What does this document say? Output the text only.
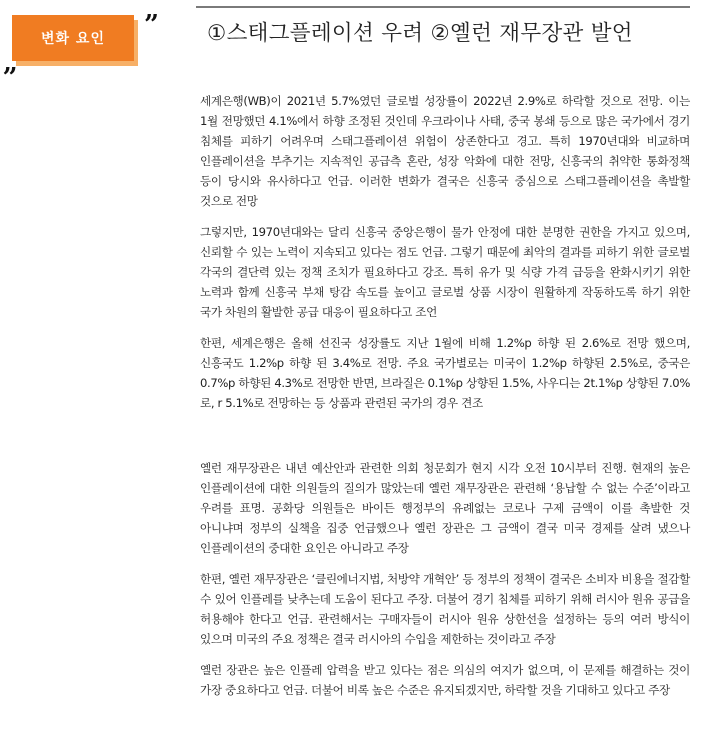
변화 요인
„
” ①스태그플레이션 우려 ②옐런 재무장관 발언

세계은행(WB)이 2021년 5.7%였던 글로벌 성장률이 2022년 2.9%로 하락할 것으로 전망. 이는 1월 전망했던 4.1%에서 하향 조정된 것인데 우크라이나 사태, 중국 봉쇄 등으로 많은 국가에서 경기 침체를 피하기 어려우며 스태그플레이션 위험이 상존한다고 경고. 특히 1970년대와 비교하며 인플레이션을 부추기는 지속적인 공급측 혼란, 성장 악화에 대한 전망, 신흥국의 취약한 통화정책 등이 당시와 유사하다고 언급. 이러한 변화가 결국은 신흥국 중심으로 스태그플레이션을 촉발할 것으로 전망

그렇지만, 1970년대와는 달리 신흥국 중앙은행이 물가 안정에 대한 분명한 권한을 가지고 있으며, 신뢰할 수 있는 노력이 지속되고 있다는 점도 언급. 그렇기 때문에 최악의 결과를 피하기 위한 글로벌 각국의 결단력 있는 정책 조치가 필요하다고 강조. 특히 유가 및 식량 가격 급등을 완화시키기 위한 노력과 함께 신흥국 부채 탕감 속도를 높이고 글로벌 상품 시장이 원활하게 작동하도록 하기 위한 국가 차원의 활발한 공급 대응이 필요하다고 조언

한편, 세계은행은 올해 선진국 성장률도 지난 1월에 비해 1.2%p 하향 된 2.6%로 전망 했으며, 신흥국도 1.2%p 하향 된 3.4%로 전망. 주요 국가별로는 미국이 1.2%p 하향된 2.5%로, 중국은 0.7%p 하향된 4.3%로 전망한 반면, 브라질은 0.1%p 상향된 1.5%, 사우디는 2t.1%p 상향된 7.0%로, r 5.1%로 전망하는 등 상품과 관련된 국가의 경우 견조

옐런 재무장관은 내년 예산안과 관련한 의회 청문회가 현지 시각 오전 10시부터 진행. 현재의 높은 인플레이션에 대한 의원들의 질의가 많았는데 옐런 재무장관은 관련해 ‘용납할 수 없는 수준’이라고 우려를 표명. 공화당 의원들은 바이든 행정부의 유례없는 코로나 구제 금액이 이를 촉발한 것 아니냐며 정부의 실책을 집중 언급했으나 옐런 장관은 그 금액이 결국 미국 경제를 살려 냈으나 인플레이션의 중대한 요인은 아니라고 주장

한편, 옐런 재무장관은 ‘클린에너지법, 처방약 개혁안’ 등 정부의 정책이 결국은 소비자 비용을 절감할 수 있어 인플레를 낮추는데 도움이 된다고 주장. 더불어 경기 침체를 피하기 위해 러시아 원유 공급을 허용해야 한다고 언급. 관련해서는 구매자들이 러시아 원유 상한선을 설정하는 등의 여러 방식이 있으며 미국의 주요 정책은 결국 러시아의 수입을 제한하는 것이라고 주장

옐런 장관은 높은 인플레 압력을 받고 있다는 점은 의심의 여지가 없으며, 이 문제를 해결하는 것이 가장 중요하다고 언급. 더불어 비록 높은 수준은 유지되겠지만, 하락할 것을 기대하고 있다고 주장
